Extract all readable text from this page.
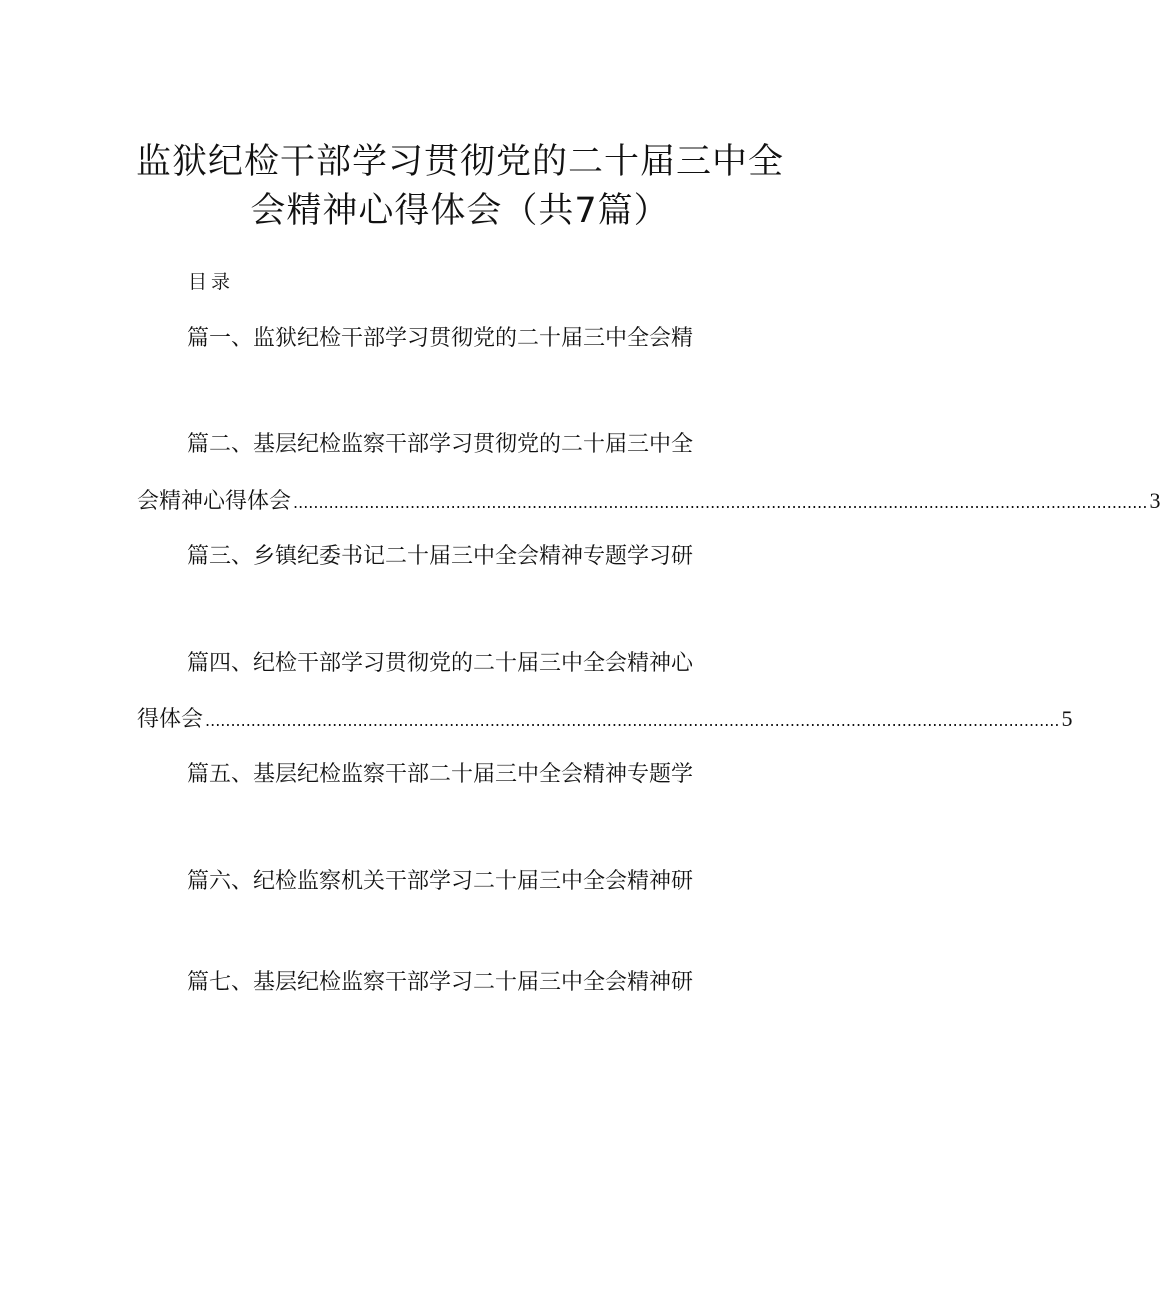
监狱纪检干部学习贯彻党的二十届三中全
会精神心得体会（共7篇）
目录
篇一、监狱纪检干部学习贯彻党的二十届三中全会精
篇二、基层纪检监察干部学习贯彻党的二十届三中全
会精神心得体会 ........................................................................................................................................................................ 3
篇三、乡镇纪委书记二十届三中全会精神专题学习研
篇四、纪检干部学习贯彻党的二十届三中全会精神心
得体会 ........................................................................................................................................................................ 5
篇五、基层纪检监察干部二十届三中全会精神专题学
篇六、纪检监察机关干部学习二十届三中全会精神研
篇七、基层纪检监察干部学习二十届三中全会精神研
